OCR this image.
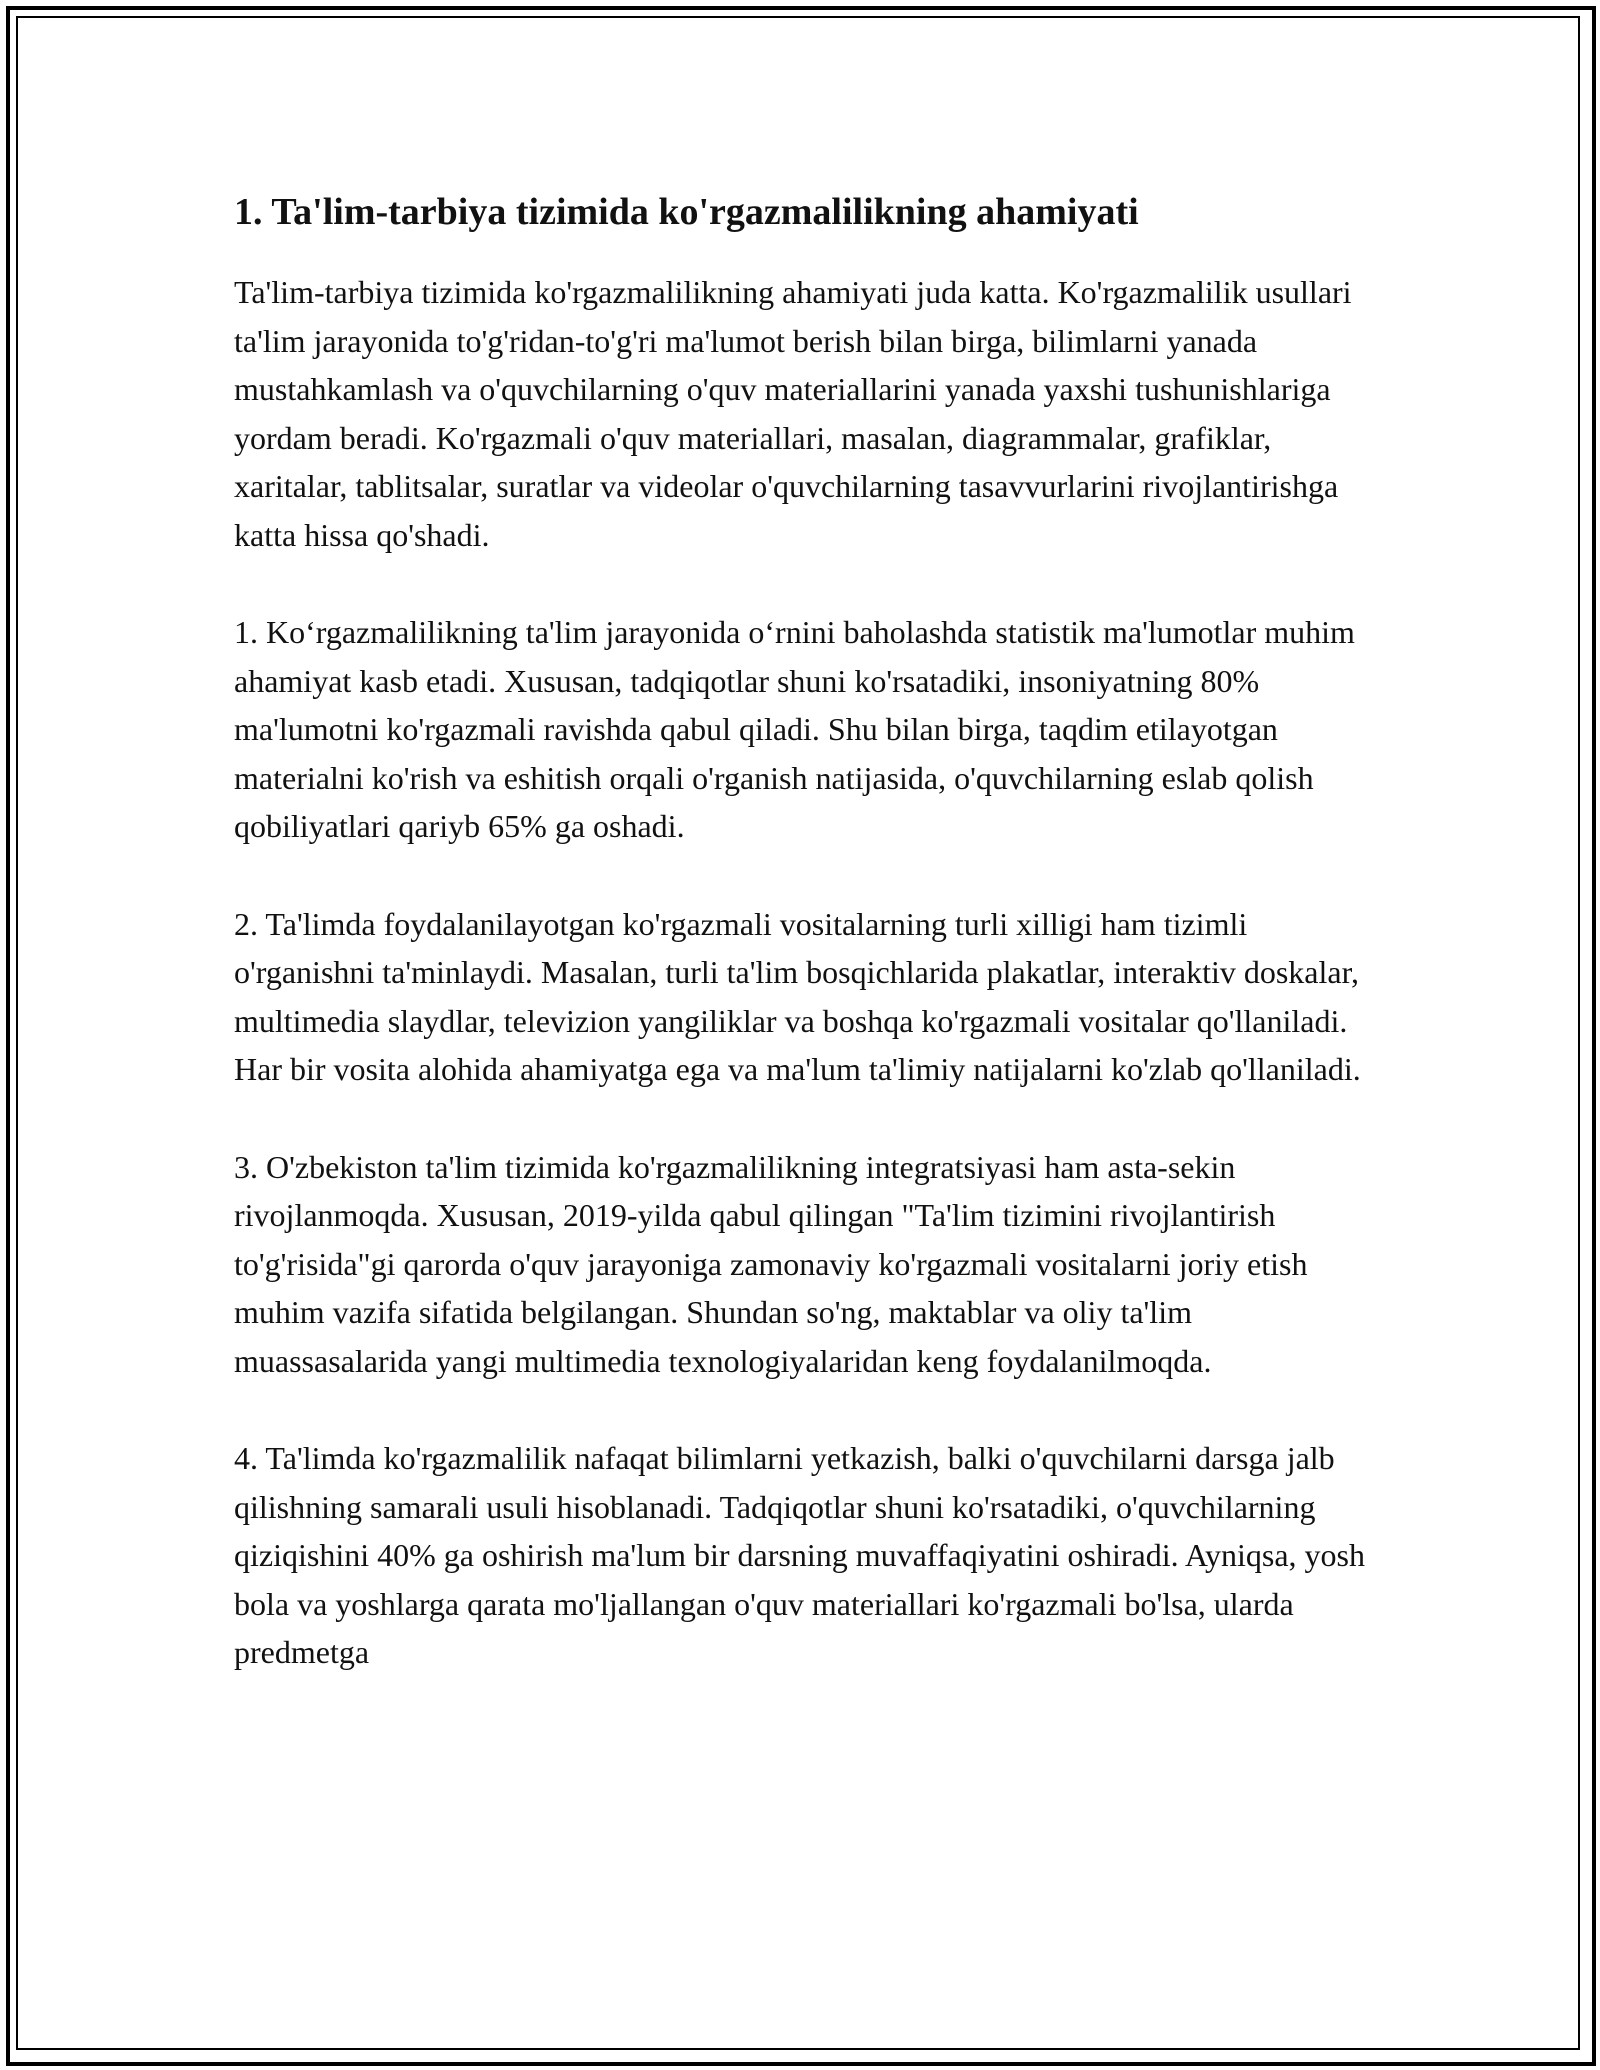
1. Ta'lim-tarbiya tizimida ko'rgazmalilikning ahamiyati

Ta'lim-tarbiya tizimida ko'rgazmalilikning ahamiyati juda katta. Ko'rgazmalilik usullari ta'lim jarayonida to'g'ridan-to'g'ri ma'lumot berish bilan birga, bilimlarni yanada mustahkamlash va o'quvchilarning o'quv materiallarini yanada yaxshi tushunishlariga yordam beradi. Ko'rgazmali o'quv materiallari, masalan, diagrammalar, grafiklar, xaritalar, tablitsalar, suratlar va videolar o'quvchilarning tasavvurlarini rivojlantirishga katta hissa qo'shadi.

1. Ko‘rgazmalilikning ta'lim jarayonida o‘rnini baholashda statistik ma'lumotlar muhim ahamiyat kasb etadi. Xususan, tadqiqotlar shuni ko'rsatadiki, insoniyatning 80% ma'lumotni ko'rgazmali ravishda qabul qiladi. Shu bilan birga, taqdim etilayotgan materialni ko'rish va eshitish orqali o'rganish natijasida, o'quvchilarning eslab qolish qobiliyatlari qariyb 65% ga oshadi.

2. Ta'limda foydalanilayotgan ko'rgazmali vositalarning turli xilligi ham tizimli o'rganishni ta'minlaydi. Masalan, turli ta'lim bosqichlarida plakatlar, interaktiv doskalar, multimedia slaydlar, televizion yangiliklar va boshqa ko'rgazmali vositalar qo'llaniladi. Har bir vosita alohida ahamiyatga ega va ma'lum ta'limiy natijalarni ko'zlab qo'llaniladi.

3. O'zbekiston ta'lim tizimida ko'rgazmalilikning integratsiyasi ham asta-sekin rivojlanmoqda. Xususan, 2019-yilda qabul qilingan "Ta'lim tizimini rivojlantirish to'g'risida"gi qarorda o'quv jarayoniga zamonaviy ko'rgazmali vositalarni joriy etish muhim vazifa sifatida belgilangan. Shundan so'ng, maktablar va oliy ta'lim muassasalarida yangi multimedia texnologiyalaridan keng foydalanilmoqda.

4. Ta'limda ko'rgazmalilik nafaqat bilimlarni yetkazish, balki o'quvchilarni darsga jalb qilishning samarali usuli hisoblanadi. Tadqiqotlar shuni ko'rsatadiki, o'quvchilarning qiziqishini 40% ga oshirish ma'lum bir darsning muvaffaqiyatini oshiradi. Ayniqsa, yosh bola va yoshlarga qarata mo'ljallangan o'quv materiallari ko'rgazmali bo'lsa, ularda predmetga
